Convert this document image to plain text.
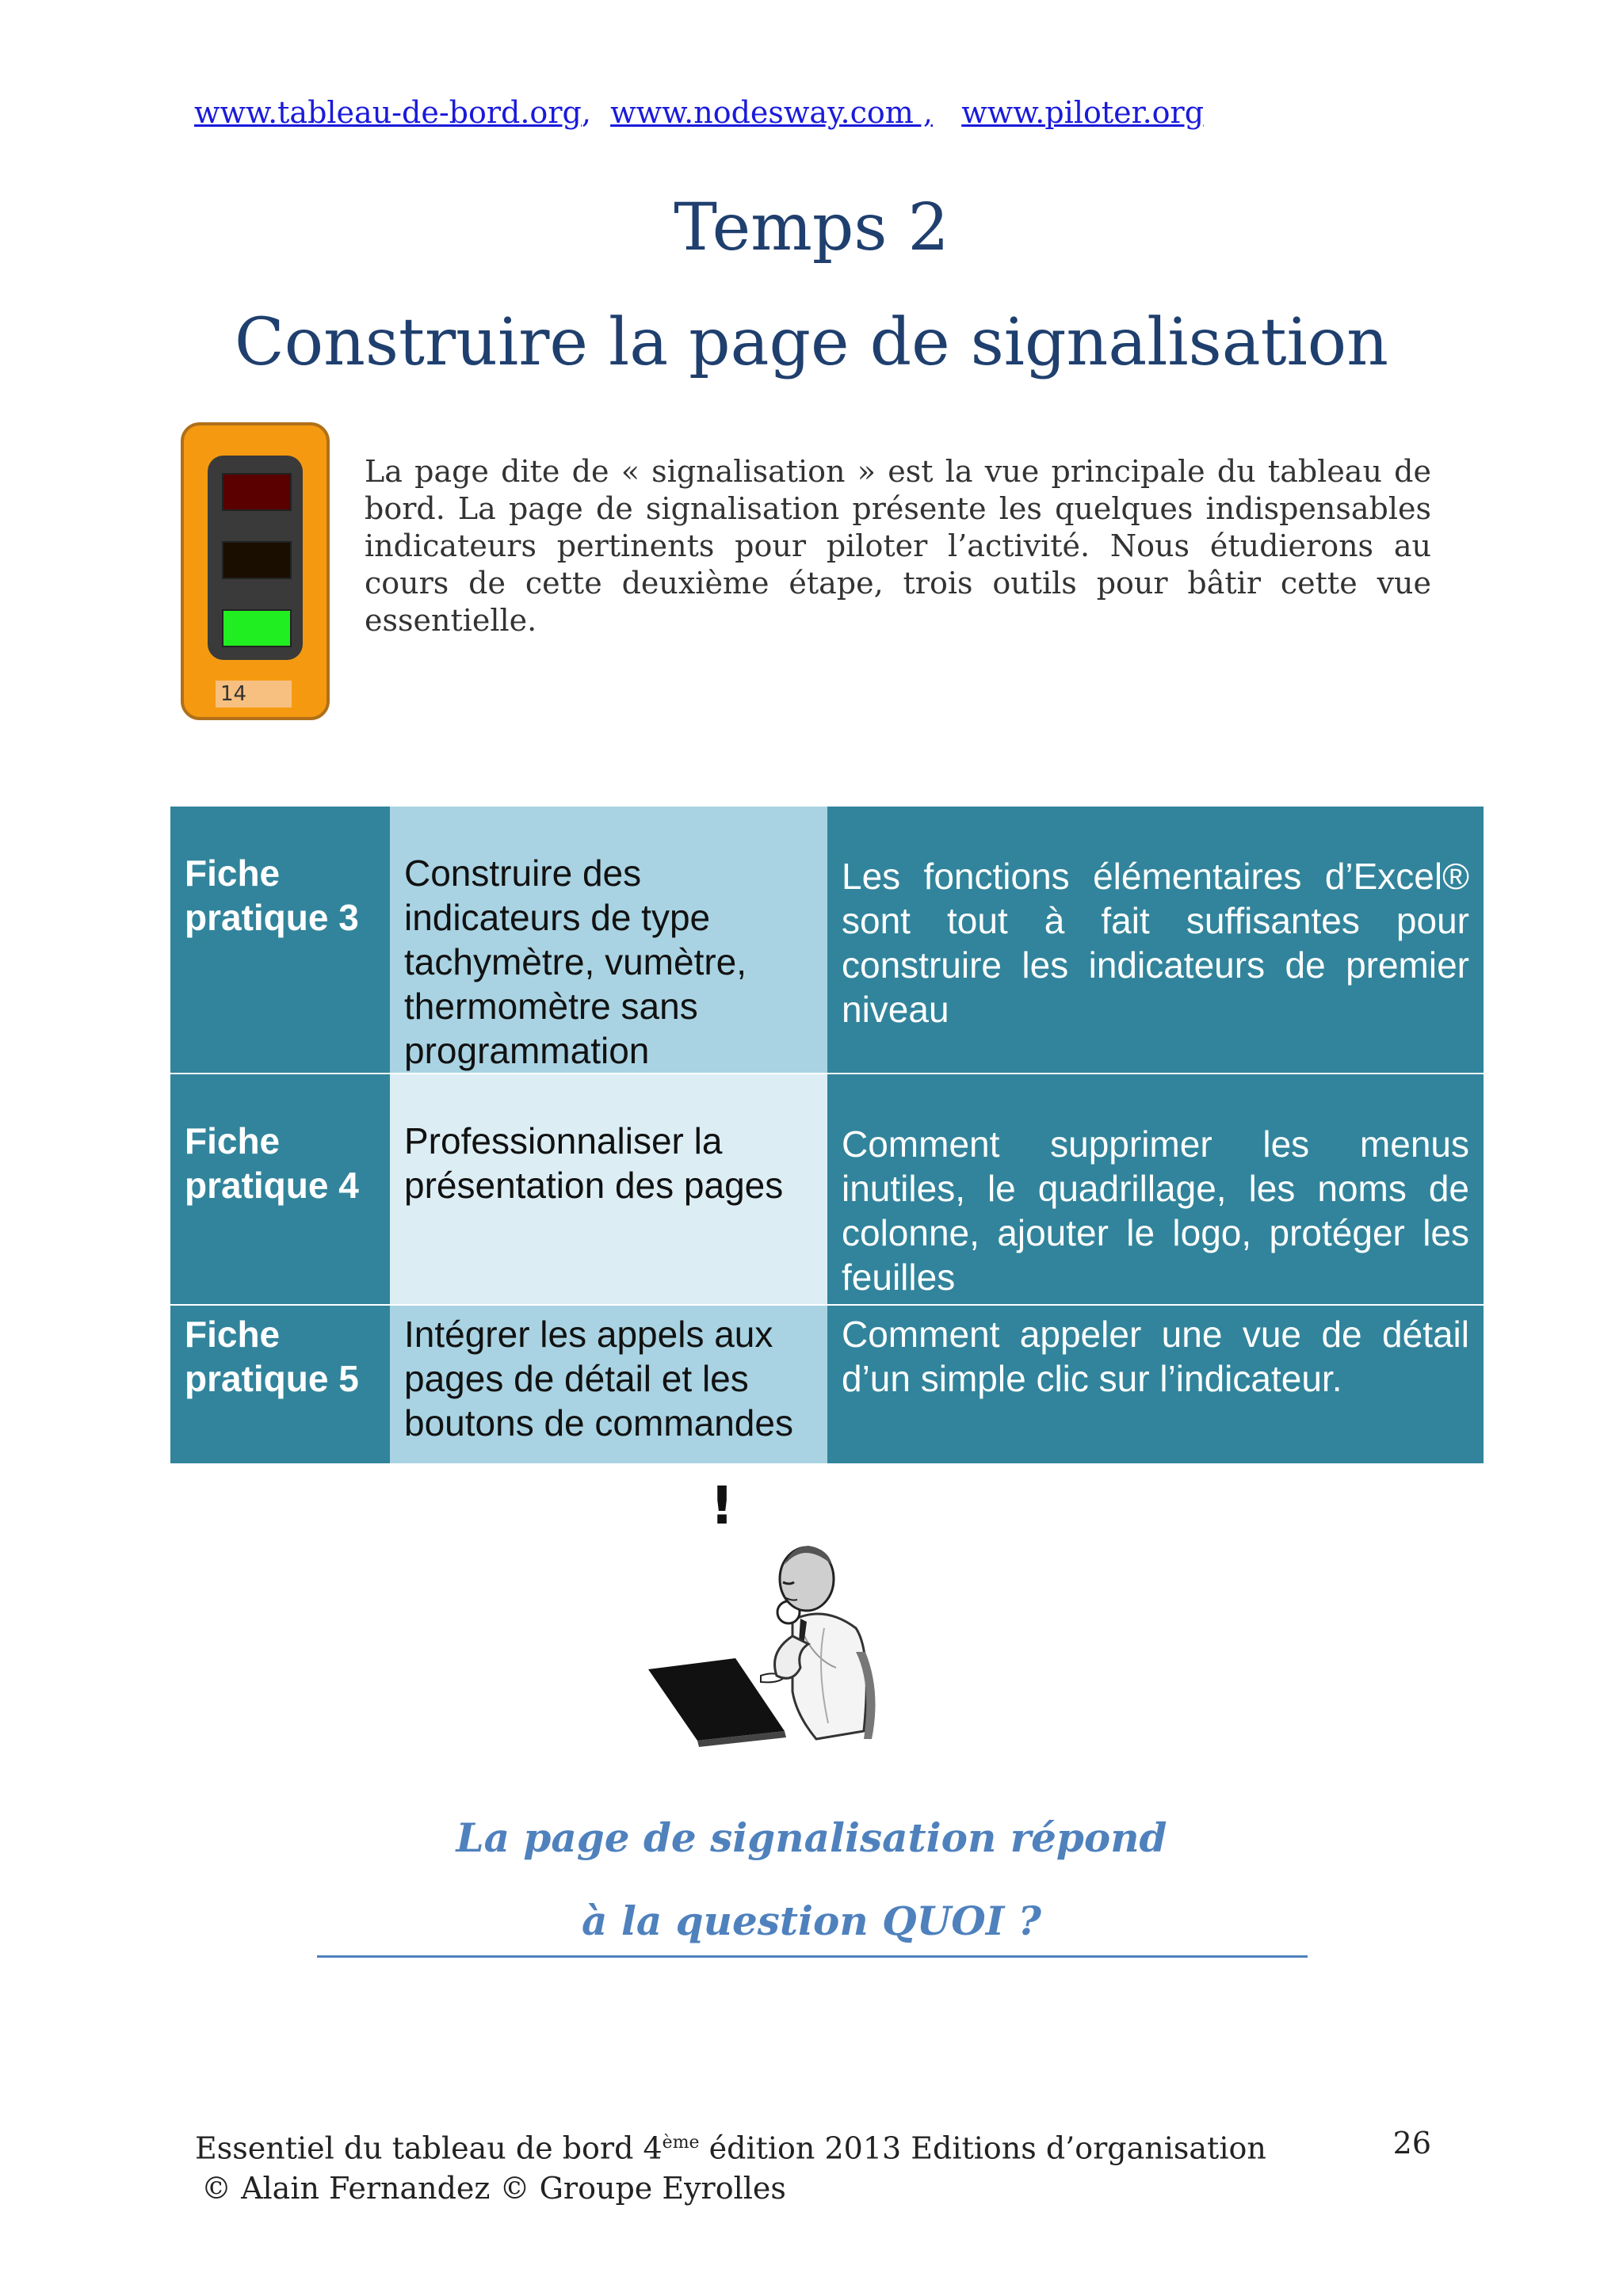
www.tableau-de-bord.org, www.nodesway.com , www.piloter.org
Temps 2
Construire la page de signalisation
14
La page dite de « signalisation » est la vue principale du tableau de bord. La page de signalisation présente les quelques indispensables indicateurs pertinents pour piloter l’activité. Nous étudierons au cours de cette deuxième étape, trois outils pour bâtir cette vue essentielle.
Fiche pratique 3	Construire des indicateurs de type tachymètre, vumètre, thermomètre sans programmation	Les fonctions élémentaires d’Excel® sont tout à fait suffisantes pour construire les indicateurs de premier niveau
Fiche pratique 4	Professionnaliser la présentation des pages	Comment supprimer les menus inutiles, le quadrillage, les noms de colonne, ajouter le logo, protéger les feuilles
Fiche pratique 5	Intégrer les appels aux pages de détail et les boutons de commandes	Comment appeler une vue de détail d’un simple clic sur l’indicateur.
!
La page de signalisation répond
à la question QUOI ?
Essentiel du tableau de bord 4ème édition 2013 Editions d’organisation	26
© Alain Fernandez © Groupe Eyrolles
